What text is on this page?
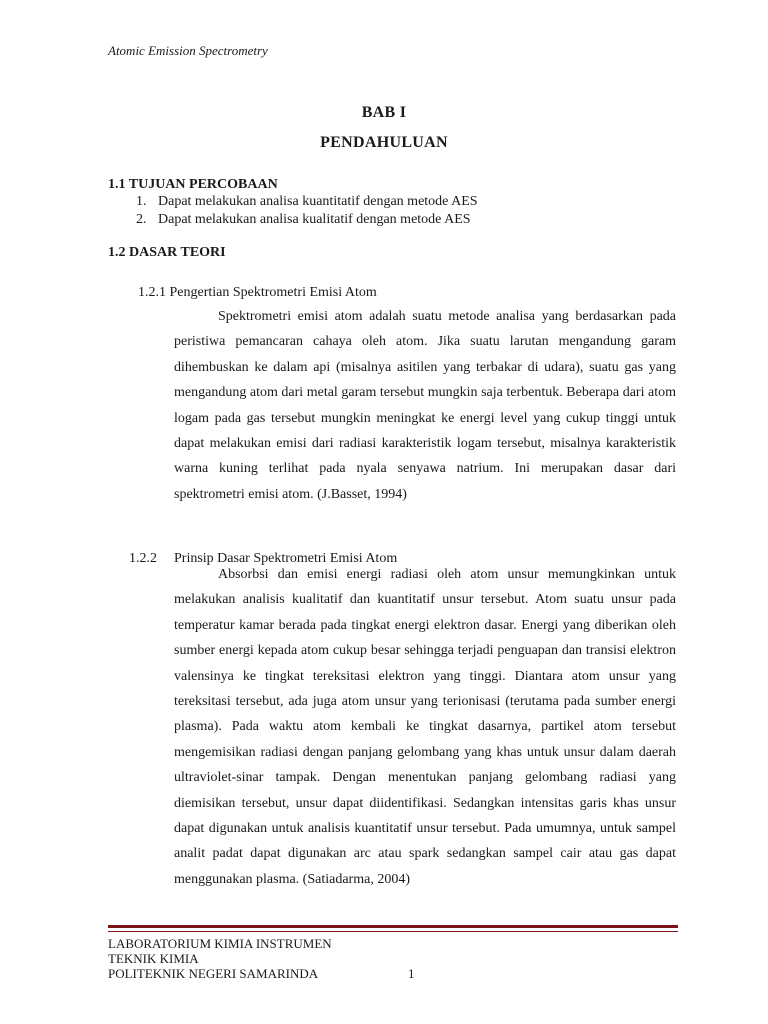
Atomic Emission Spectrometry
BAB I
PENDAHULUAN
1.1 TUJUAN PERCOBAAN
1. Dapat melakukan analisa kuantitatif dengan metode AES
2. Dapat melakukan analisa kualitatif dengan metode AES
1.2 DASAR TEORI
1.2.1 Pengertian Spektrometri Emisi Atom

Spektrometri emisi atom adalah suatu metode analisa yang berdasarkan pada peristiwa pemancaran cahaya oleh atom. Jika suatu larutan mengandung garam dihembuskan ke dalam api (misalnya asitilen yang terbakar di udara), suatu gas yang mengandung atom dari metal garam tersebut mungkin saja terbentuk. Beberapa dari atom logam pada gas tersebut mungkin meningkat ke energi level yang cukup tinggi untuk dapat melakukan emisi dari radiasi karakteristik logam tersebut, misalnya karakteristik warna kuning terlihat pada nyala senyawa natrium. Ini merupakan dasar dari spektrometri emisi atom. (J.Basset, 1994)

1.2.2 Prinsip Dasar Spektrometri Emisi Atom

Absorbsi dan emisi energi radiasi oleh atom unsur memungkinkan untuk melakukan analisis kualitatif dan kuantitatif unsur tersebut. Atom suatu unsur pada temperatur kamar berada pada tingkat energi elektron dasar. Energi yang diberikan oleh sumber energi kepada atom cukup besar sehingga terjadi penguapan dan transisi elektron valensinya ke tingkat tereksitasi elektron yang tinggi. Diantara atom unsur yang tereksitasi tersebut, ada juga atom unsur yang terionisasi (terutama pada sumber energi plasma). Pada waktu atom kembali ke tingkat dasarnya, partikel atom tersebut mengemisikan radiasi dengan panjang gelombang yang khas untuk unsur dalam daerah ultraviolet-sinar tampak. Dengan menentukan panjang gelombang radiasi yang diemisikan tersebut, unsur dapat diidentifikasi. Sedangkan intensitas garis khas unsur dapat digunakan untuk analisis kuantitatif unsur tersebut. Pada umumnya, untuk sampel analit padat dapat digunakan arc atau spark sedangkan sampel cair atau gas dapat menggunakan plasma. (Satiadarma, 2004)

LABORATORIUM KIMIA INSTRUMEN
TEKNIK KIMIA
POLITEKNIK NEGERI SAMARINDA	1
